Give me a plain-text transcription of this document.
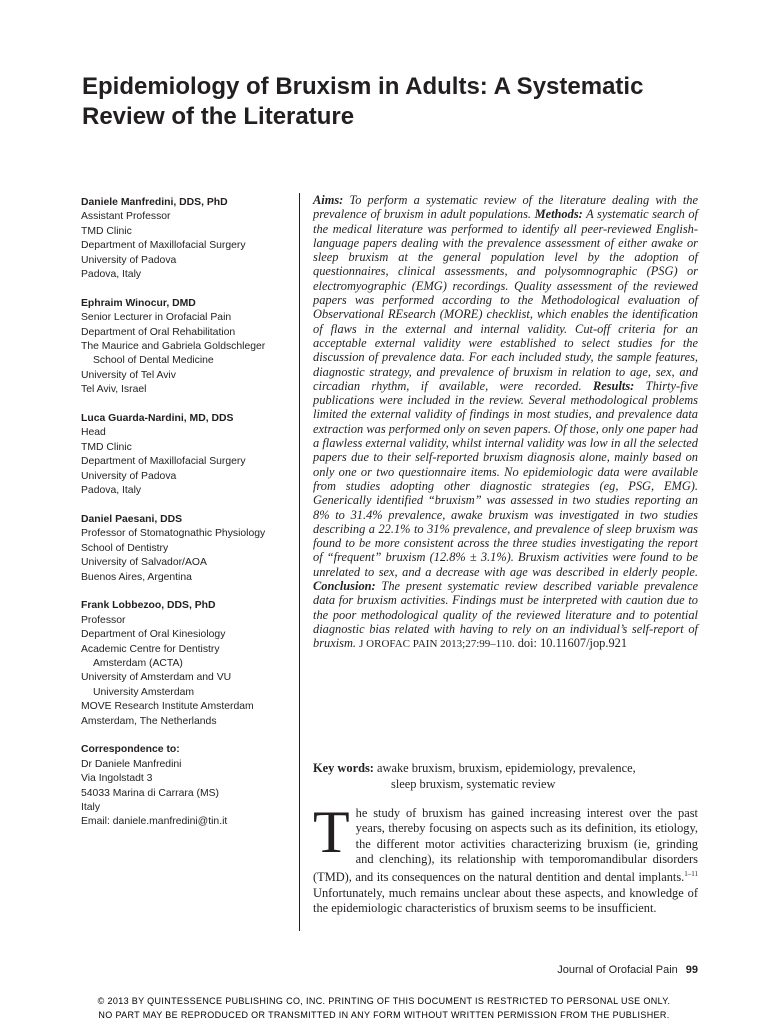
Epidemiology of Bruxism in Adults: A Systematic Review of the Literature
Daniele Manfredini, DDS, PhD
Assistant Professor
TMD Clinic
Department of Maxillofacial Surgery
University of Padova
Padova, Italy
Ephraim Winocur, DMD
Senior Lecturer in Orofacial Pain
Department of Oral Rehabilitation
The Maurice and Gabriela Goldschleger
School of Dental Medicine
University of Tel Aviv
Tel Aviv, Israel
Luca Guarda-Nardini, MD, DDS
Head
TMD Clinic
Department of Maxillofacial Surgery
University of Padova
Padova, Italy
Daniel Paesani, DDS
Professor of Stomatognathic Physiology
School of Dentistry
University of Salvador/AOA
Buenos Aires, Argentina
Frank Lobbezoo, DDS, PhD
Professor
Department of Oral Kinesiology
Academic Centre for Dentistry
Amsterdam (ACTA)
University of Amsterdam and VU
University Amsterdam
MOVE Research Institute Amsterdam
Amsterdam, The Netherlands
Correspondence to:
Dr Daniele Manfredini
Via Ingolstadt 3
54033 Marina di Carrara (MS)
Italy
Email: daniele.manfredini@tin.it

Aims: To perform a systematic review of the literature dealing with the prevalence of bruxism in adult populations. Methods: A systematic search of the medical literature was performed to identify all peer-reviewed English-language papers dealing with the prevalence assessment of either awake or sleep bruxism at the general population level by the adoption of questionnaires, clinical assessments, and polysomnographic (PSG) or electromyographic (EMG) recordings. Quality assessment of the reviewed papers was performed according to the Methodological evaluation of Observational REsearch (MORE) checklist, which enables the identification of flaws in the external and internal validity. Cut-off criteria for an acceptable external validity were established to select studies for the discussion of prevalence data. For each included study, the sample features, diagnostic strategy, and prevalence of bruxism in relation to age, sex, and circadian rhythm, if available, were recorded. Results: Thirty-five publications were included in the review. Several methodological problems limited the external validity of findings in most studies, and prevalence data extraction was performed only on seven papers. Of those, only one paper had a flawless external validity, whilst internal validity was low in all the selected papers due to their self-reported bruxism diagnosis alone, mainly based on only one or two questionnaire items. No epidemiologic data were available from studies adopting other diagnostic strategies (eg, PSG, EMG). Generically identified “bruxism” was assessed in two studies reporting an 8% to 31.4% prevalence, awake bruxism was investigated in two studies describing a 22.1% to 31% prevalence, and prevalence of sleep bruxism was found to be more consistent across the three studies investigating the report of “frequent” bruxism (12.8% ± 3.1%). Bruxism activities were found to be unrelated to sex, and a decrease with age was described in elderly people. Conclusion: The present systematic review described variable prevalence data for bruxism activities. Findings must be interpreted with caution due to the poor methodological quality of the reviewed literature and to potential diagnostic bias related with having to rely on an individual’s self-report of bruxism. J OROFAC PAIN 2013;27:99–110. doi: 10.11607/jop.921

Key words: awake bruxism, bruxism, epidemiology, prevalence,
sleep bruxism, systematic review

The study of bruxism has gained increasing interest over the past years, thereby focusing on aspects such as its definition, its etiology, the different motor activities characterizing bruxism (ie, grinding and clenching), its relationship with temporomandibular disorders (TMD), and its consequences on the natural dentition and dental implants.$^{1-11}$ Unfortunately, much remains unclear about these aspects, and knowledge of the epidemiologic characteristics of bruxism seems to be insufficient.

Journal of Orofacial Pain 99
© 2013 BY QUINTESSENCE PUBLISHING CO, INC. PRINTING OF THIS DOCUMENT IS RESTRICTED TO PERSONAL USE ONLY.
NO PART MAY BE REPRODUCED OR TRANSMITTED IN ANY FORM WITHOUT WRITTEN PERMISSION FROM THE PUBLISHER.
